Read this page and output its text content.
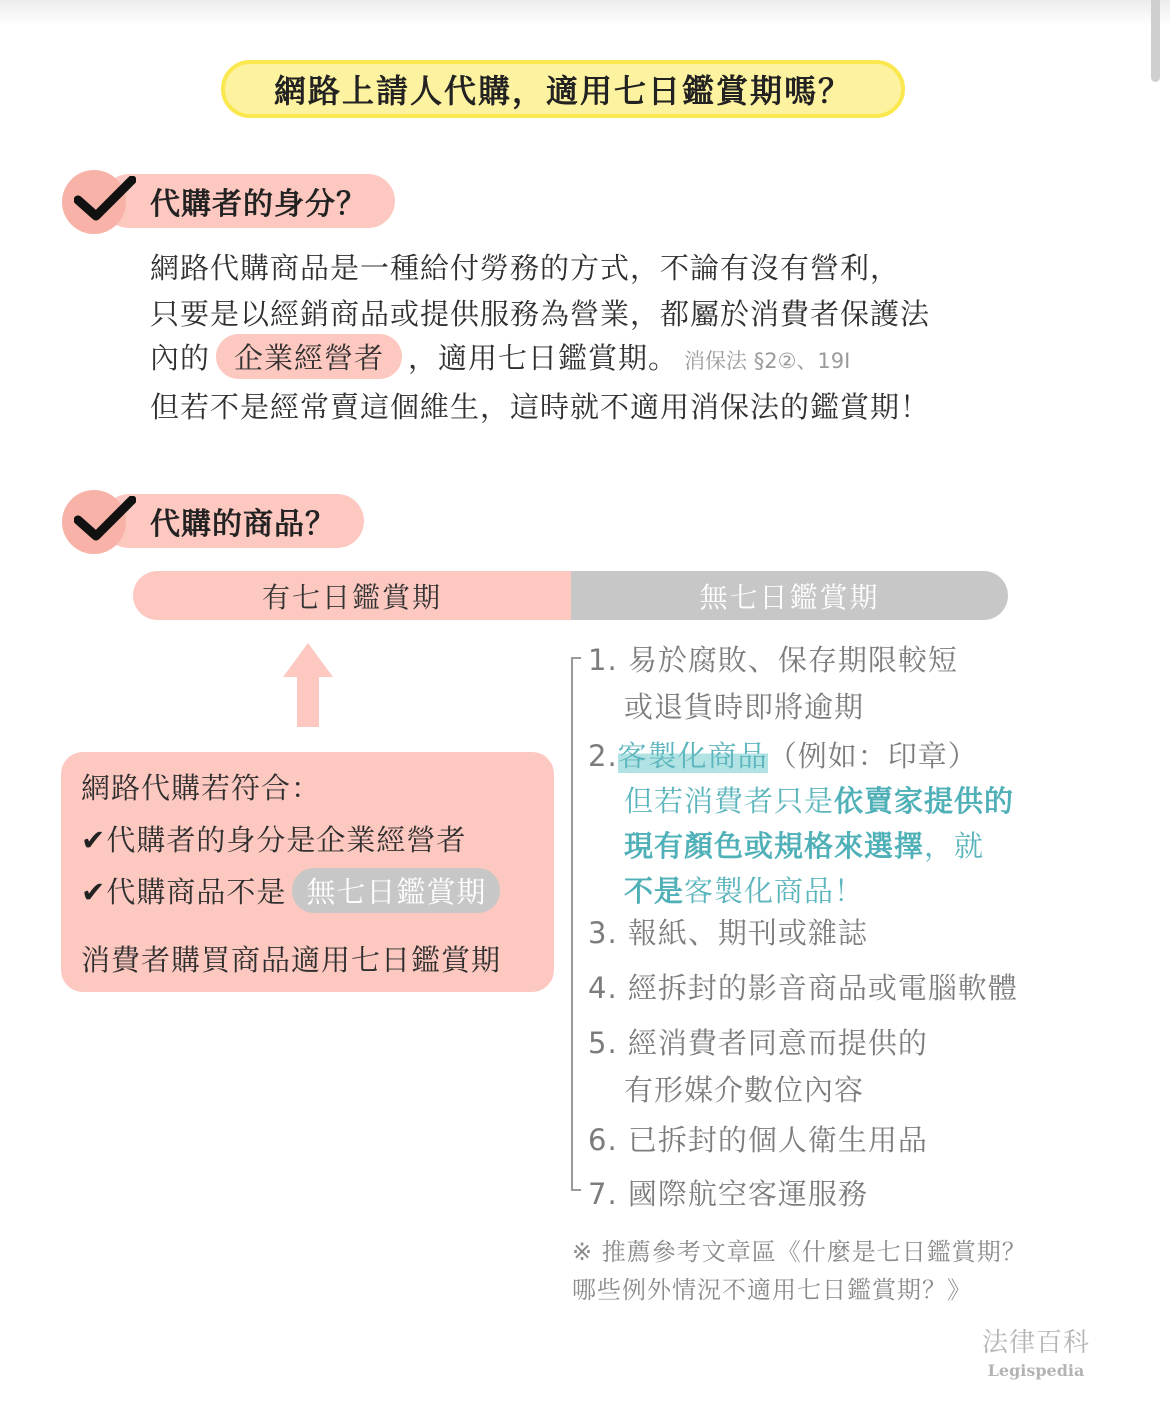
網路上請人代購，適用七日鑑賞期嗎？
代購者的身分？
網路代購商品是一種給付勞務的方式，不論有沒有營利，
只要是以經銷商品或提供服務為營業，都屬於消費者保護法
內的 企業經營者 ，適用七日鑑賞期。 消保法 §2②、19Ⅰ
但若不是經常賣這個維生，這時就不適用消保法的鑑賞期！
代購的商品？
有七日鑑賞期	無七日鑑賞期
網路代購若符合：
✔代購者的身分是企業經營者
✔代購商品不是 無七日鑑賞期
消費者購買商品適用七日鑑賞期
1. 易於腐敗、保存期限較短
或退貨時即將逾期
2.客製化商品（例如：印章）
但若消費者只是依賣家提供的
現有顏色或規格來選擇，就
不是客製化商品！
3. 報紙、期刊或雜誌
4. 經拆封的影音商品或電腦軟體
5. 經消費者同意而提供的
有形媒介數位內容
6. 已拆封的個人衛生用品
7. 國際航空客運服務
※ 推薦參考文章區《什麼是七日鑑賞期？
哪些例外情況不適用七日鑑賞期？》
法律百科
Legispedia
